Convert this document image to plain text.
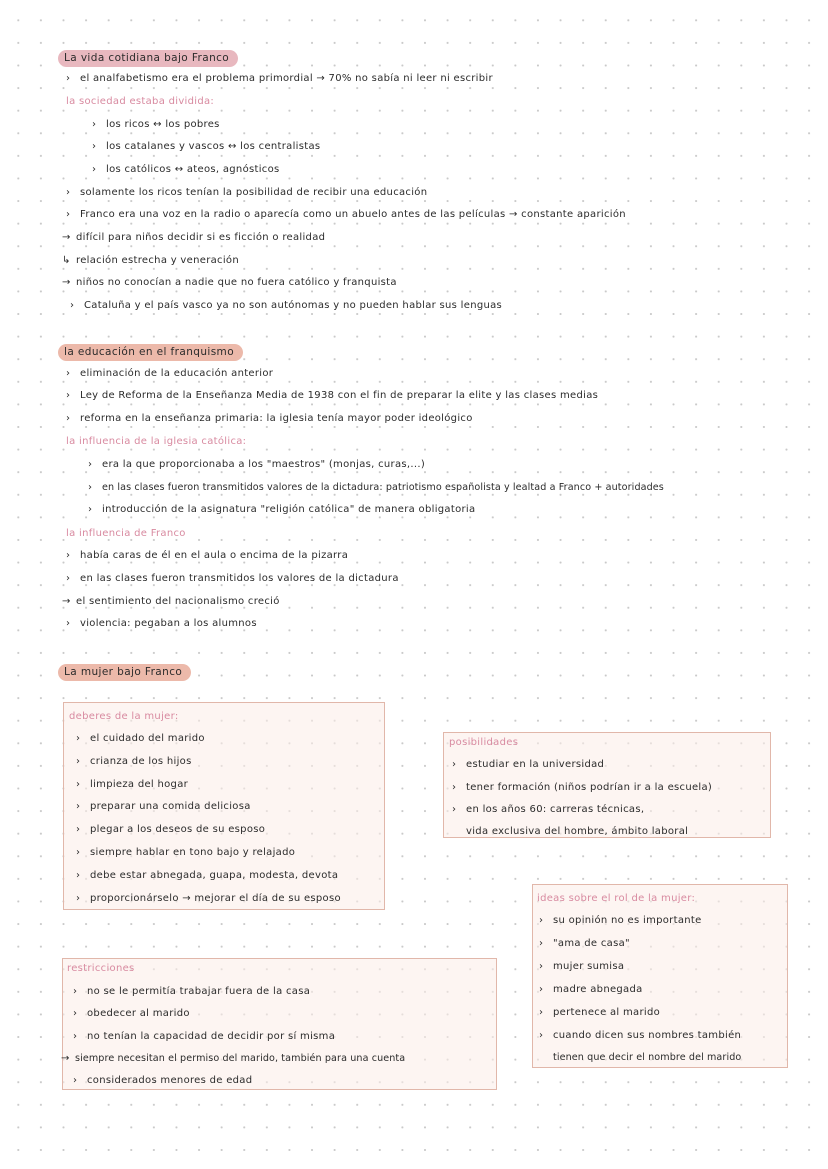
La vida cotidiana bajo Franco
› el analfabetismo era el problema primordial → 70% no sabía ni leer ni escribir
la sociedad estaba dividida:
› los ricos ↔ los pobres
› los catalanes y vascos ↔ los centralistas
› los católicos ↔ ateos, agnósticos
› solamente los ricos tenían la posibilidad de recibir una educación
› Franco era una voz en la radio o aparecía como un abuelo antes de las películas → constante aparición
→ difícil para niños decidir si es ficción o realidad
↳ relación estrecha y veneración
→ niños no conocían a nadie que no fuera católico y franquista
› Cataluña y el país vasco ya no son autónomas y no pueden hablar sus lenguas
la educación en el franquismo
› eliminación de la educación anterior
› Ley de Reforma de la Enseñanza Media de 1938 con el fin de preparar la elite y las clases medias
› reforma en la enseñanza primaria: la iglesia tenía mayor poder ideológico
la influencia de la iglesia católica:
› era la que proporcionaba a los "maestros" (monjas, curas,...)
› en las clases fueron transmitidos valores de la dictadura: patriotismo españolista y lealtad a Franco + autoridades
› introducción de la asignatura "religión católica" de manera obligatoria
la influencia de Franco
› había caras de él en el aula o encima de la pizarra
› en las clases fueron transmitidos los valores de la dictadura
→ el sentimiento del nacionalismo creció
› violencia: pegaban a los alumnos
La mujer bajo Franco
deberes de la mujer:
› el cuidado del marido
› crianza de los hijos
› limpieza del hogar
› preparar una comida deliciosa
› plegar a los deseos de su esposo
› siempre hablar en tono bajo y relajado
› debe estar abnegada, guapa, modesta, devota
› proporcionárselo → mejorar el día de su esposo
posibilidades
› estudiar en la universidad
› tener formación (niños podrían ir a la escuela)
› en los años 60: carreras técnicas,
vida exclusiva del hombre, ámbito laboral
ideas sobre el rol de la mujer:
› su opinión no es importante
› "ama de casa"
› mujer sumisa
› madre abnegada
› pertenece al marido
› cuando dicen sus nombres también
tienen que decir el nombre del marido
restricciones
› no se le permitía trabajar fuera de la casa
› obedecer al marido
› no tenían la capacidad de decidir por sí misma
→ siempre necesitan el permiso del marido, también para una cuenta
› considerados menores de edad
